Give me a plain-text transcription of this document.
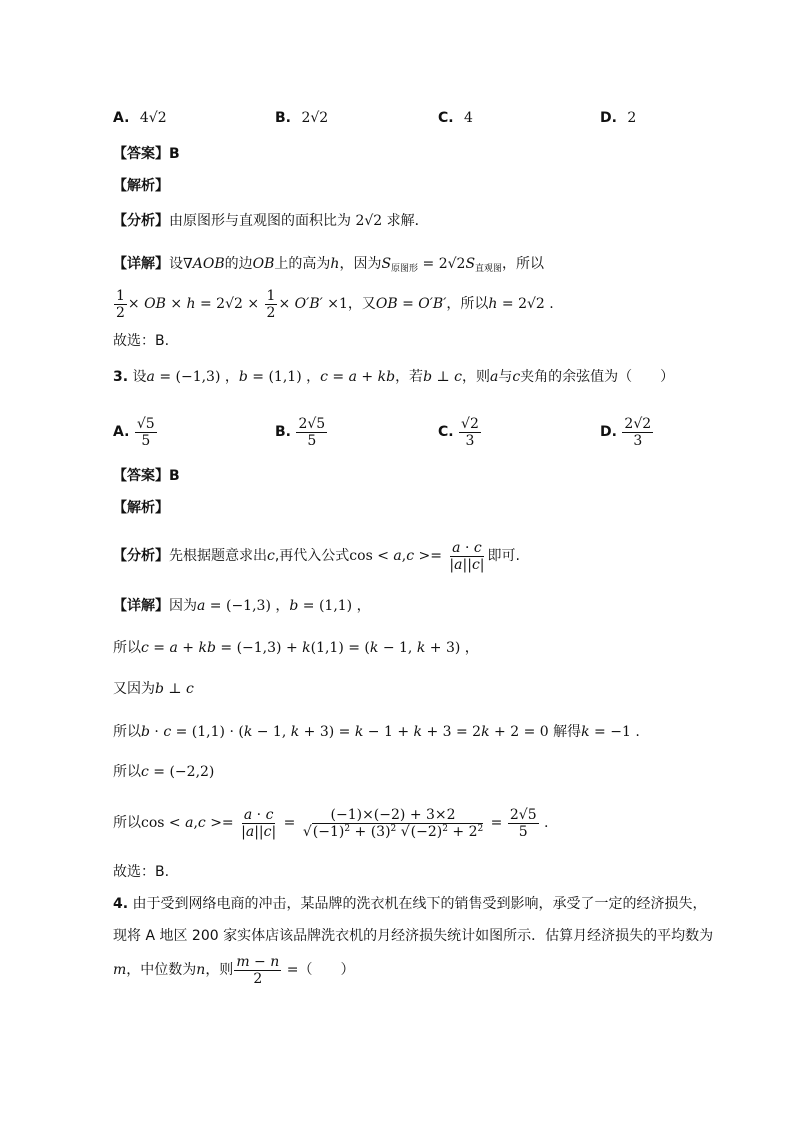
A. 4√2	B. 2√2	C. 4	D. 2
【答案】B
【解析】
【分析】由原图形与直观图的面积比为 2√2 求解．
【详解】设∇AOB的边OB上的高为h，因为$S_{原图形} = 2√2S_{直观图}$，所以
$\frac{1}{2}$ × OB × $h = 2√2 \times \frac{1}{2} \times O'B' \times 1$，又OB = O′B′，所以h = 2√2 .
故选：B.
3. 设a = (−1,3) ，b = (1,1) ，c = a + kb，若b ⊥ c，则a与c夹角的余弦值为（　　）
A. $\frac{√5}{5}$	B. $\frac{2√5}{5}$	C. $\frac{√2}{3}$	D. $\frac{2√2}{3}$
【答案】B
【解析】
【分析】先根据题意求出c,再代入公式$\cos < a,c >= \frac{a \cdot c}{|a||c|}$ 即可.
【详解】因为a = (−1,3) ，b = (1,1) ，
所以c = a + kb = (−1,3) + k(1,1) = (k − 1, k + 3) ，
又因为b ⊥ c
所以b · c = (1,1) · (k − 1, k + 3) = k − 1 + k + 3 = 2k + 2 = 0 解得k = −1 .
所以c = (−2,2)
所以$\cos < a,c >= \frac{a \cdot c}{|a||c|} = \frac{(-1)\times(-2) + 3\times 2}{√(-1)^2 + (3)^2 √(-2)^2 + 2^2} = \frac{2√5}{5}$ .
故选：B.
4. 由于受到网络电商的冲击，某品牌的洗衣机在线下的销售受到影响，承受了一定的经济损失，
现将 A 地区 200 家实体店该品牌洗衣机的月经济损失统计如图所示．估算月经济损失的平均数为
m，中位数为n，则 $\frac{m - n}{2}$ =（　　）
